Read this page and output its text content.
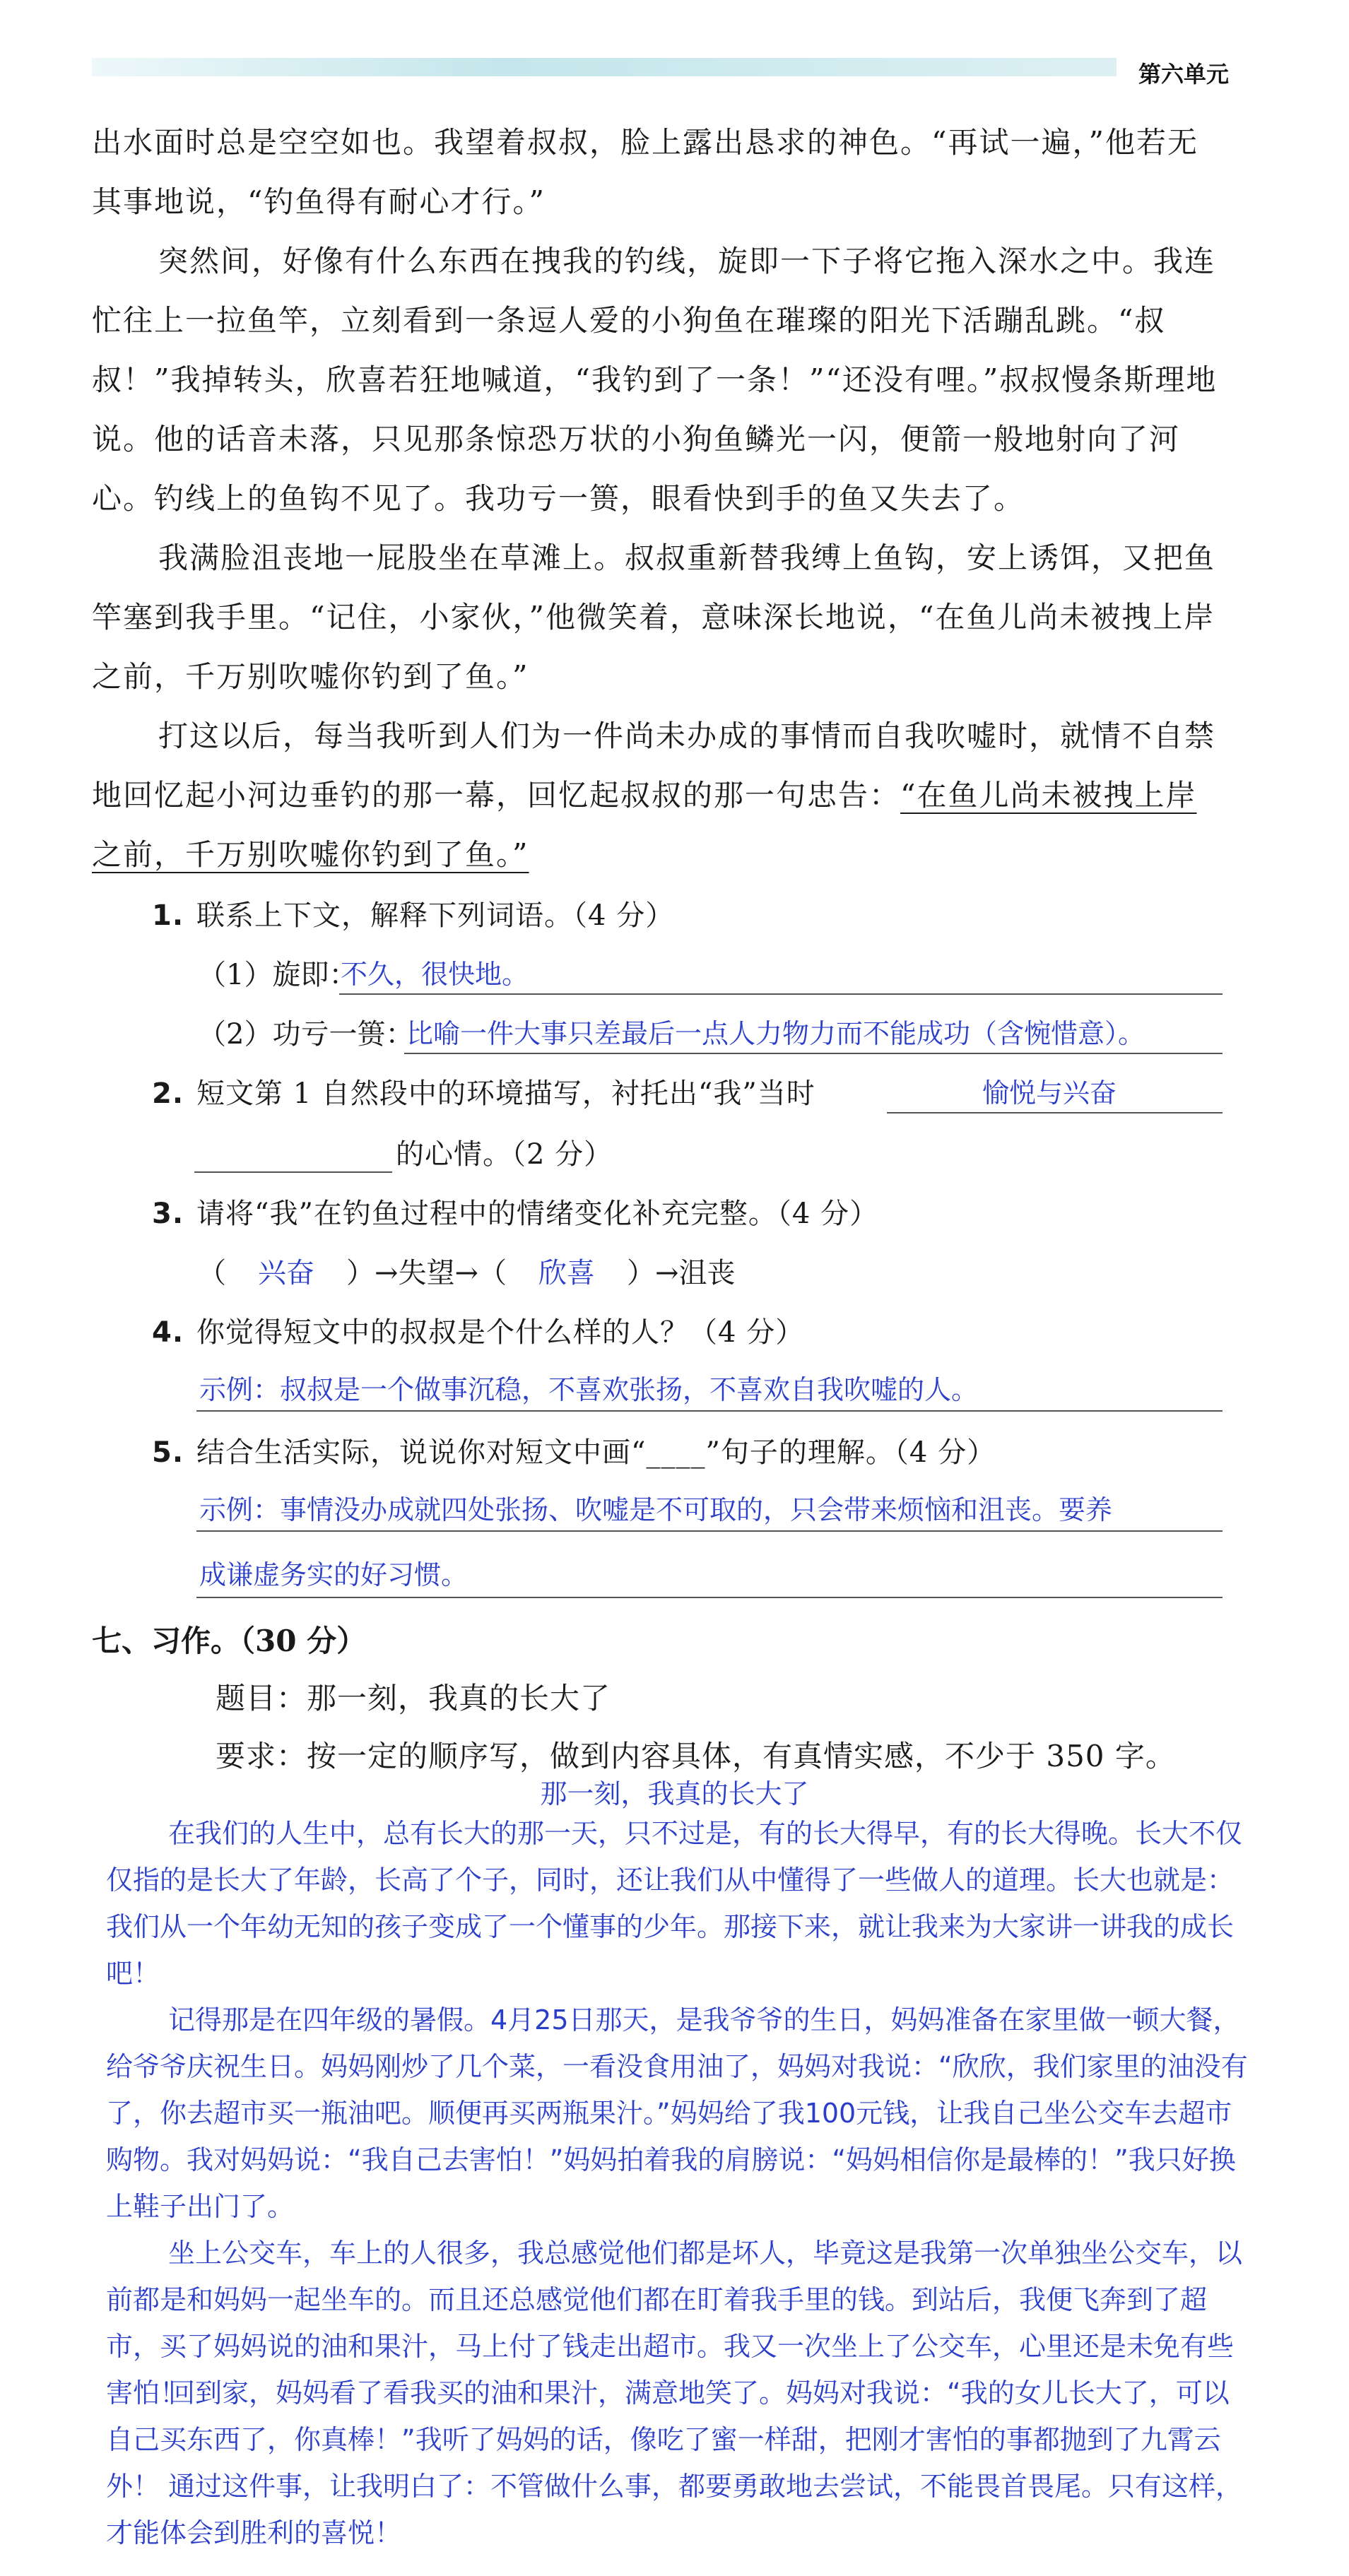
第六单元

出水面时总是空空如也。我望着叔叔，脸上露出恳求的神色。“再试一遍，”他若无其事地说，“钓鱼得有耐心才行。”

突然间，好像有什么东西在拽我的钓线，旋即一下子将它拖入深水之中。我连忙往上一拉鱼竿，立刻看到一条逗人爱的小狗鱼在璀璨的阳光下活蹦乱跳。“叔叔！”我掉转头，欣喜若狂地喊道，“我钓到了一条！”“还没有哩。”叔叔慢条斯理地说。他的话音未落，只见那条惊恐万状的小狗鱼鳞光一闪，便箭一般地射向了河心。钓线上的鱼钩不见了。我功亏一篑，眼看快到手的鱼又失去了。

我满脸沮丧地一屁股坐在草滩上。叔叔重新替我缚上鱼钩，安上诱饵，又把鱼竿塞到我手里。“记住，小家伙，”他微笑着，意味深长地说，“在鱼儿尚未被拽上岸之前，千万别吹嘘你钓到了鱼。”

打这以后，每当我听到人们为一件尚未办成的事情而自我吹嘘时，就情不自禁地回忆起小河边垂钓的那一幕，回忆起叔叔的那一句忠告：“在鱼儿尚未被拽上岸之前，千万别吹嘘你钓到了鱼。”

1. 联系上下文，解释下列词语。（4 分）
（1）旋即：
不久，很快地。
（2）功亏一篑：
比喻一件大事只差最后一点人力物力而不能成功（含惋惜意）。
2. 短文第 1 自然段中的环境描写，衬托出“我”当时	愉悦与兴奋
的心情。（2 分）
3. 请将“我”在钓鱼过程中的情绪变化补充完整。（4 分）
（ 兴奋 ）→失望→（ 欣喜 ）→沮丧
4. 你觉得短文中的叔叔是个什么样的人？（4 分）
示例：叔叔是一个做事沉稳，不喜欢张扬，不喜欢自我吹嘘的人。
5. 结合生活实际，说说你对短文中画“____”句子的理解。（4 分）
示例：事情没办成就四处张扬、吹嘘是不可取的，只会带来烦恼和沮丧。要养
成谦虚务实的好习惯。
七、习作。（30 分）
题目：那一刻，我真的长大了
要求：按一定的顺序写，做到内容具体，有真情实感，不少于 350 字。
那一刻，我真的长大了

在我们的人生中，总有长大的那一天，只不过是，有的长大得早，有的长大得晚。长大不仅仅指的是长大了年龄，长高了个子，同时，还让我们从中懂得了一些做人的道理。长大也就是：我们从一个年幼无知的孩子变成了一个懂事的少年。那接下来，就让我来为大家讲一讲我的成长吧！

记得那是在四年级的暑假。4月25日那天，是我爷爷的生日，妈妈准备在家里做一顿大餐，给爷爷庆祝生日。妈妈刚炒了几个菜，一看没食用油了，妈妈对我说：“欣欣，我们家里的油没有了，你去超市买一瓶油吧。顺便再买两瓶果汁。”妈妈给了我100元钱，让我自己坐公交车去超市购物。我对妈妈说：“我自己去害怕！”妈妈拍着我的肩膀说：“妈妈相信你是最棒的！”我只好换上鞋子出门了。

坐上公交车，车上的人很多，我总感觉他们都是坏人，毕竟这是我第一次单独坐公交车，以前都是和妈妈一起坐车的。而且还总感觉他们都在盯着我手里的钱。到站后，我便飞奔到了超市，买了妈妈说的油和果汁，马上付了钱走出超市。我又一次坐上了公交车，心里还是未免有些害怕！

回到家，妈妈看了看我买的油和果汁，满意地笑了。妈妈对我说：“我的女儿长大了，可以自己买东西了，你真棒！”我听了妈妈的话，像吃了蜜一样甜，把刚才害怕的事都抛到了九霄云外！ 通过这件事，让我明白了：不管做什么事，都要勇敢地去尝试，不能畏首畏尾。只有这样，才能体会到胜利的喜悦！
